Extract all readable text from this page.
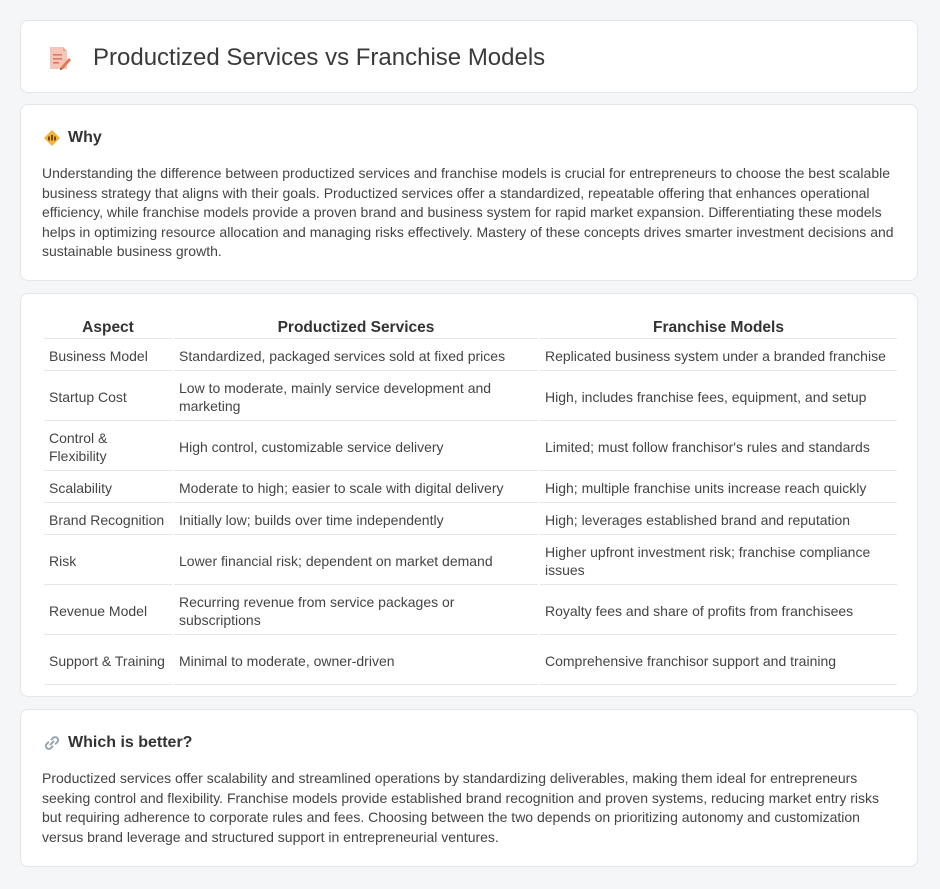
Productized Services vs Franchise Models
Why

Understanding the difference between productized services and franchise models is crucial for entrepreneurs to choose the best scalable business strategy that aligns with their goals. Productized services offer a standardized, repeatable offering that enhances operational efficiency, while franchise models provide a proven brand and business system for rapid market expansion. Differentiating these models helps in optimizing resource allocation and managing risks effectively. Mastery of these concepts drives smarter investment decisions and sustainable business growth.

Aspect	Productized Services	Franchise Models
Business Model	Standardized, packaged services sold at fixed prices	Replicated business system under a branded franchise
Startup Cost	Low to moderate, mainly service development and marketing	High, includes franchise fees, equipment, and setup
Control & Flexibility	High control, customizable service delivery	Limited; must follow franchisor's rules and standards
Scalability	Moderate to high; easier to scale with digital delivery	High; multiple franchise units increase reach quickly
Brand Recognition	Initially low; builds over time independently	High; leverages established brand and reputation
Risk	Lower financial risk; dependent on market demand	Higher upfront investment risk; franchise compliance issues
Revenue Model	Recurring revenue from service packages or subscriptions	Royalty fees and share of profits from franchisees
Support & Training	Minimal to moderate, owner-driven	Comprehensive franchisor support and training
Which is better?

Productized services offer scalability and streamlined operations by standardizing deliverables, making them ideal for entrepreneurs seeking control and flexibility. Franchise models provide established brand recognition and proven systems, reducing market entry risks but requiring adherence to corporate rules and fees. Choosing between the two depends on prioritizing autonomy and customization versus brand leverage and structured support in entrepreneurial ventures.
